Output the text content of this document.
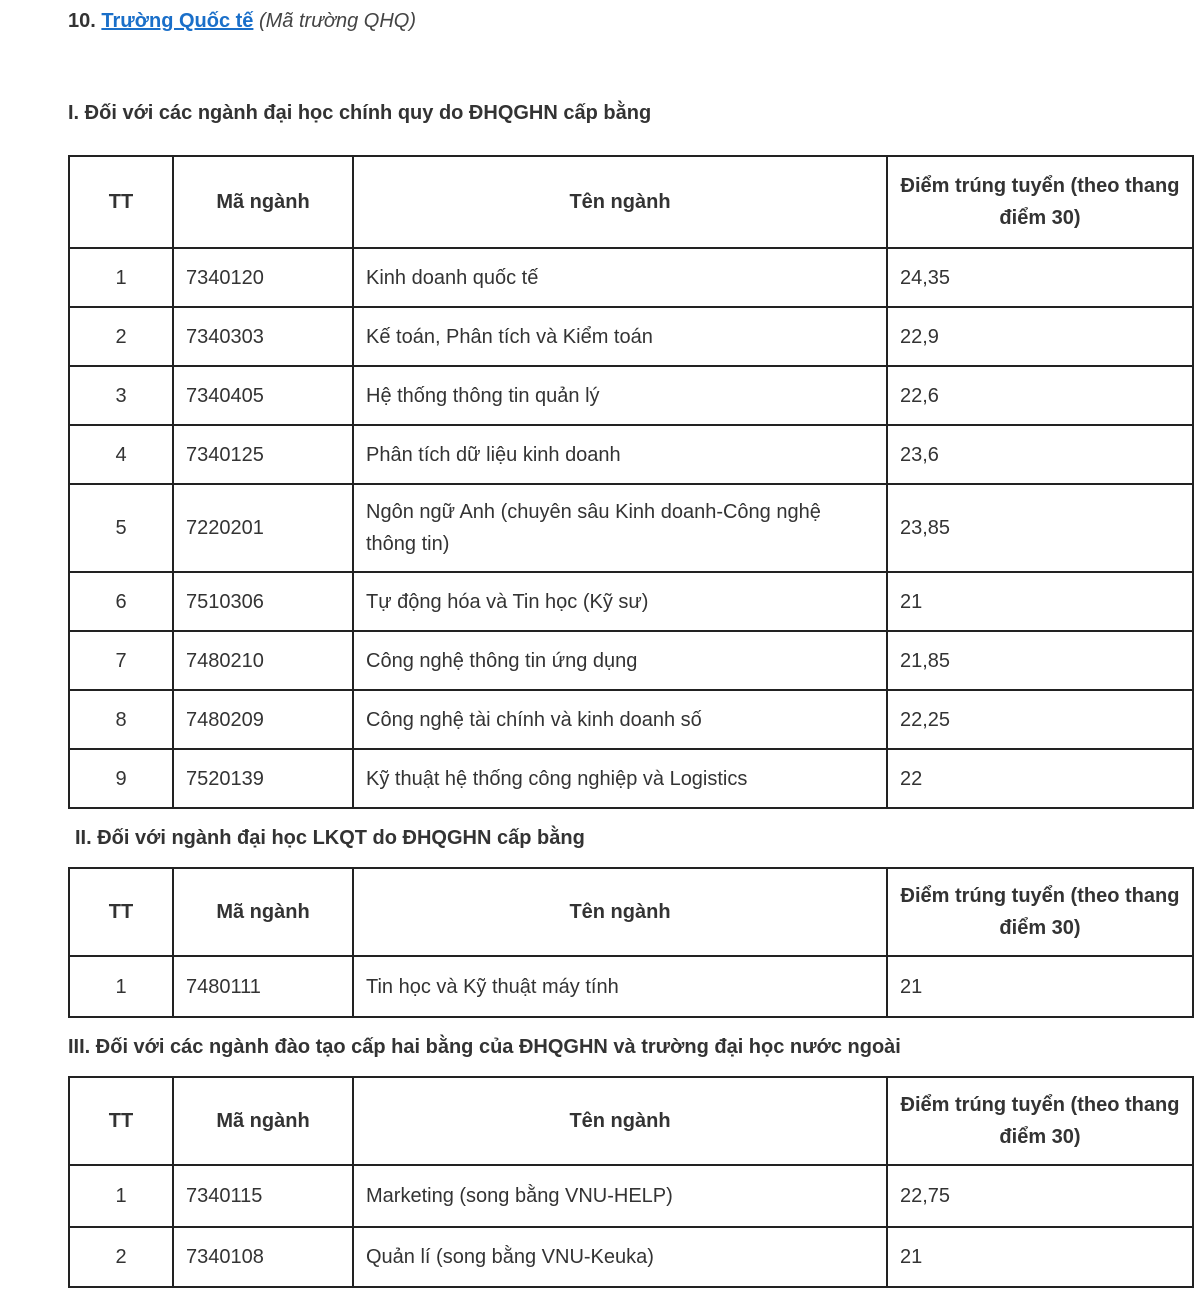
10. Trường Quốc tế (Mã trường QHQ)
I. Đối với các ngành đại học chính quy do ĐHQGHN cấp bằng
TT	Mã ngành	Tên ngành	Điểm trúng tuyển (theo thang điểm 30)
1	7340120	Kinh doanh quốc tế	24,35
2	7340303	Kế toán, Phân tích và Kiểm toán	22,9
3	7340405	Hệ thống thông tin quản lý	22,6
4	7340125	Phân tích dữ liệu kinh doanh	23,6
5	7220201	Ngôn ngữ Anh (chuyên sâu Kinh doanh-Công nghệ thông tin)	23,85
6	7510306	Tự động hóa và Tin học (Kỹ sư)	21
7	7480210	Công nghệ thông tin ứng dụng	21,85
8	7480209	Công nghệ tài chính và kinh doanh số	22,25
9	7520139	Kỹ thuật hệ thống công nghiệp và Logistics	22
II. Đối với ngành đại học LKQT do ĐHQGHN cấp bằng
TT	Mã ngành	Tên ngành	Điểm trúng tuyển (theo thang điểm 30)
1	7480111	Tin học và Kỹ thuật máy tính	21
III. Đối với các ngành đào tạo cấp hai bằng của ĐHQGHN và trường đại học nước ngoài
TT	Mã ngành	Tên ngành	Điểm trúng tuyển (theo thang điểm 30)
1	7340115	Marketing (song bằng VNU-HELP)	22,75
2	7340108	Quản lí (song bằng VNU-Keuka)	21
